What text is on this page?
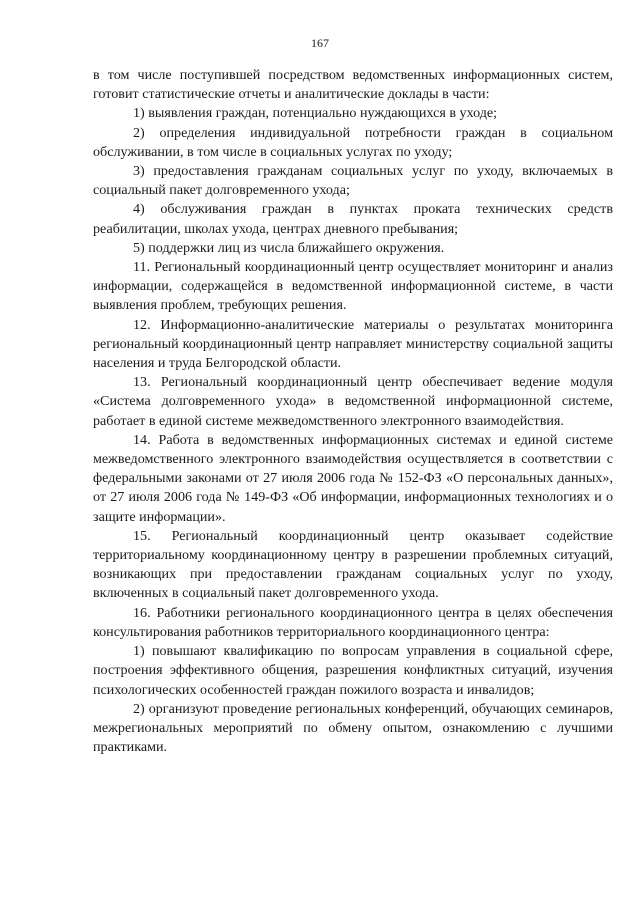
167

в том числе поступившей посредством ведомственных информационных систем, готовит статистические отчеты и аналитические доклады в части:

1) выявления граждан, потенциально нуждающихся в уходе;

2) определения индивидуальной потребности граждан в социальном обслуживании, в том числе в социальных услугах по уходу;

3) предоставления гражданам социальных услуг по уходу, включаемых в социальный пакет долговременного ухода;

4) обслуживания граждан в пунктах проката технических средств реабилитации, школах ухода, центрах дневного пребывания;

5) поддержки лиц из числа ближайшего окружения.

11. Региональный координационный центр осуществляет мониторинг и анализ информации, содержащейся в ведомственной информационной системе, в части выявления проблем, требующих решения.

12. Информационно-аналитические материалы о результатах мониторинга региональный координационный центр направляет министерству социальной защиты населения и труда Белгородской области.

13. Региональный координационный центр обеспечивает ведение модуля «Система долговременного ухода» в ведомственной информационной системе, работает в единой системе межведомственного электронного взаимодействия.

14. Работа в ведомственных информационных системах и единой системе межведомственного электронного взаимодействия осуществляется в соответствии с федеральными законами от 27 июля 2006 года № 152-ФЗ «О персональных данных», от 27 июля 2006 года № 149-ФЗ «Об информации, информационных технологиях и о защите информации».

15. Региональный координационный центр оказывает содействие территориальному координационному центру в разрешении проблемных ситуаций, возникающих при предоставлении гражданам социальных услуг по уходу, включенных в социальный пакет долговременного ухода.

16. Работники регионального координационного центра в целях обеспечения консультирования работников территориального координационного центра:

1) повышают квалификацию по вопросам управления в социальной сфере, построения эффективного общения, разрешения конфликтных ситуаций, изучения психологических особенностей граждан пожилого возраста и инвалидов;

2) организуют проведение региональных конференций, обучающих семинаров, межрегиональных мероприятий по обмену опытом, ознакомлению с лучшими практиками.
